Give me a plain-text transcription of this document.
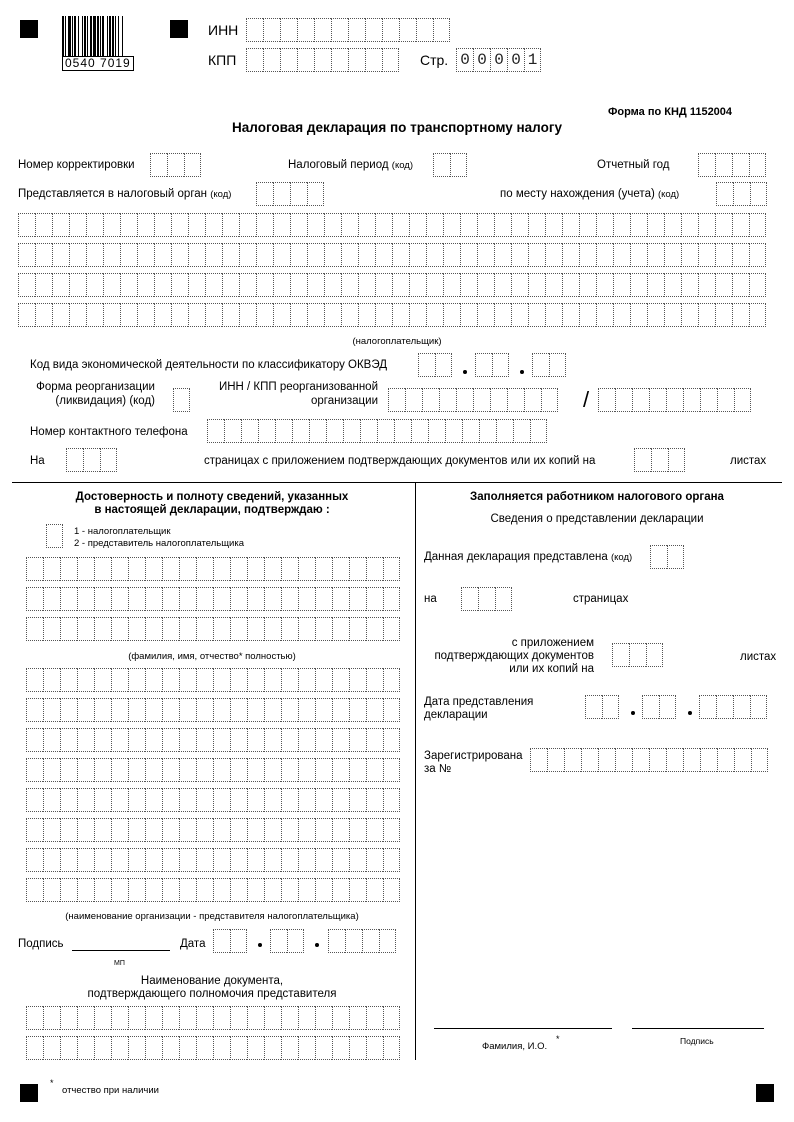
0540 7019
ИНН
КПП	Стр. 0 0 0 0 1
Форма по КНД 1152004
Налоговая декларация по транспортному налогу
Номер корректировки	Налоговый период (код)	Отчетный год
Представляется в налоговый орган (код)	по месту нахождения (учета) (код)
(налогоплательщик)
Код вида экономической деятельности по классификатору ОКВЭД
Форма реорганизации
(ликвидация) (код)
ИНН / КПП реорганизованной
организации	/
Номер контактного телефона
На	страницах с приложением подтверждающих документов или их копий на	листах
Достоверность и полноту сведений, указанных
в настоящей декларации, подтверждаю :
1 - налогоплательщик
2 - представитель налогоплательщика
(фамилия, имя, отчество* полностью)
(наименование организации - представителя налогоплательщика)
Подпись
МП
Дата
Наименование документа,
подтверждающего полномочия представителя
Заполняется работником налогового органа
Сведения о представлении декларации
Данная декларация представлена (код)
на	страницах
с приложением
подтверждающих документов
или их копий на
листах
Дата представления
декларации
Зарегистрирована
за №
Фамилия, И.О.
*	Подпись
*
отчество при наличии
